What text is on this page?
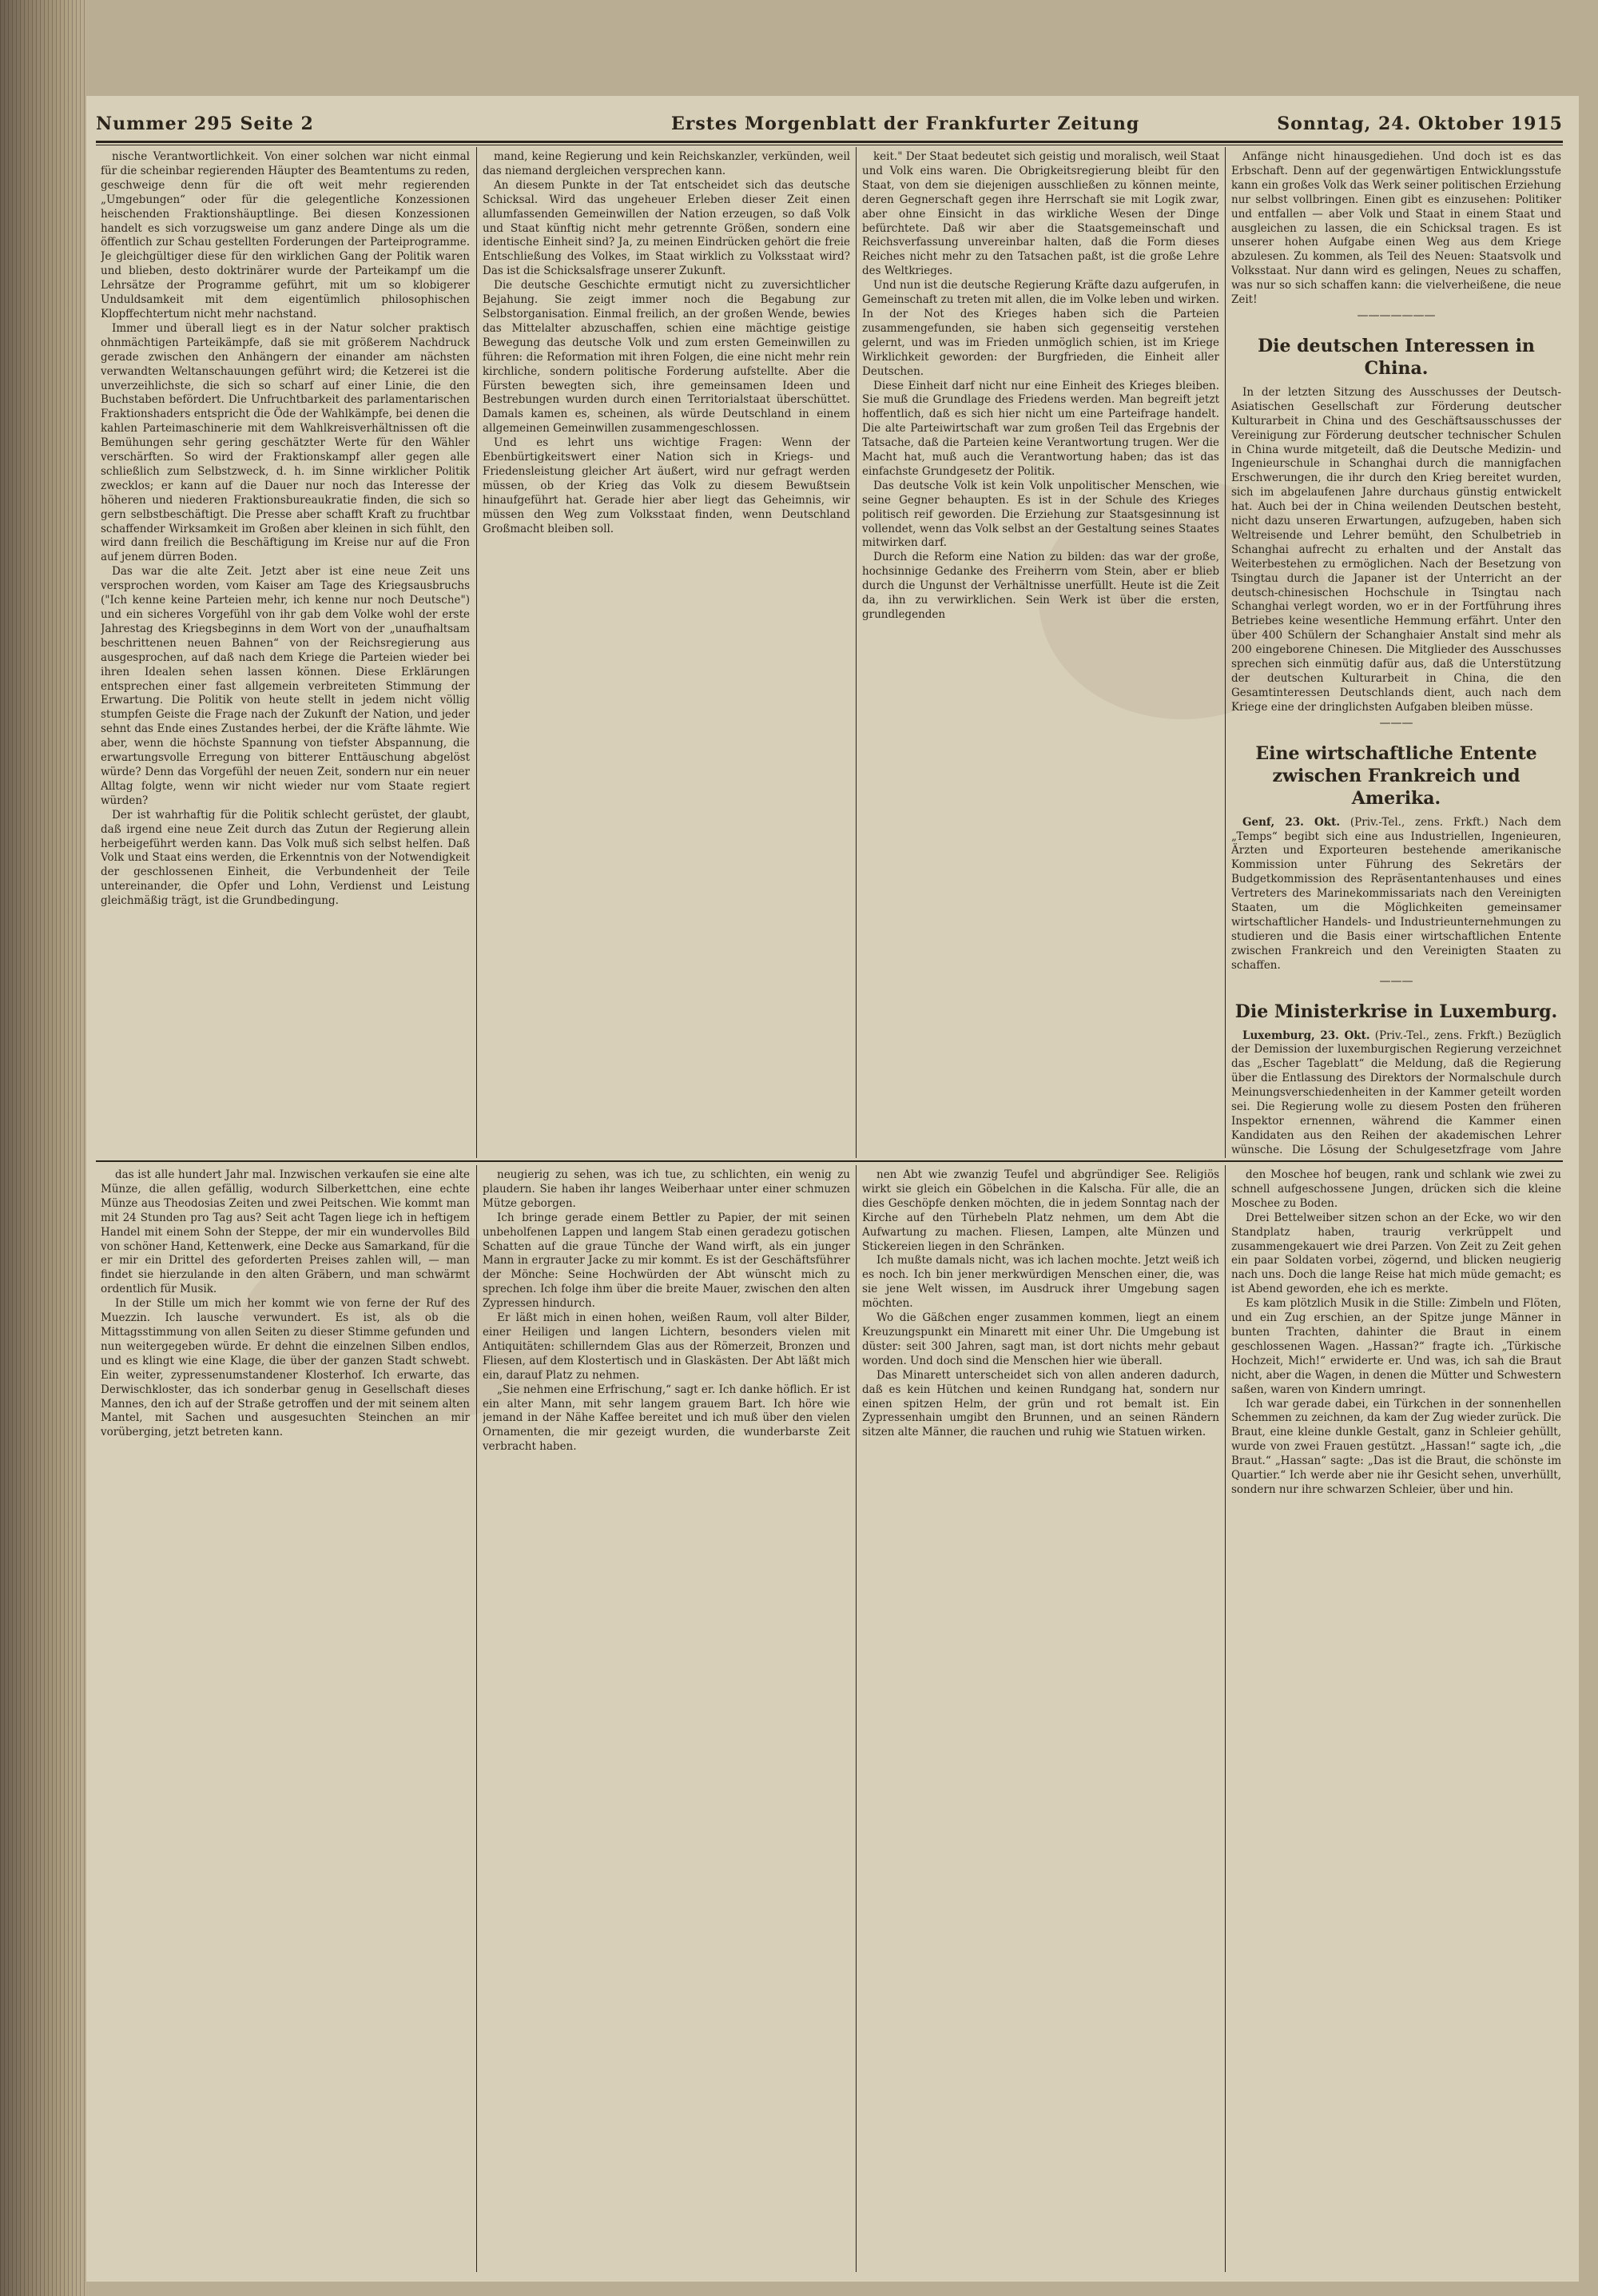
Nummer 295 Seite 2	Erstes Morgenblatt der Frankfurter Zeitung	Sonntag, 24. Oktober 1915

nische Verantwortlichkeit. Von einer solchen war nicht einmal für die scheinbar regierenden Häupter des Beamtentums zu reden, geschweige denn für die oft weit mehr regierenden „Umgebungen“ oder für die gelegentliche Konzessionen heischenden Fraktionshäuptlinge. Bei diesen Konzessionen handelt es sich vorzugsweise um ganz andere Dinge als um die öffentlich zur Schau gestellten Forderungen der Parteiprogramme. Je gleichgültiger diese für den wirklichen Gang der Politik waren und blieben, desto doktrinärer wurde der Parteikampf um die Lehrsätze der Programme geführt, mit um so klobigerer Unduldsamkeit mit dem eigentümlich philosophischen Klopffechtertum nicht mehr nachstand.

Immer und überall liegt es in der Natur solcher praktisch ohnmächtigen Parteikämpfe, daß sie mit größerem Nachdruck gerade zwischen den Anhängern der einander am nächsten verwandten Weltanschauungen geführt wird; die Ketzerei ist die unverzeihlichste, die sich so scharf auf einer Linie, die den Buchstaben befördert. Die Unfruchtbarkeit des parlamentarischen Fraktionshaders entspricht die Öde der Wahlkämpfe, bei denen die kahlen Parteimaschinerie mit dem Wahlkreisverhältnissen oft die Bemühungen sehr gering geschätzter Werte für den Wähler verschärften. So wird der Fraktionskampf aller gegen alle schließlich zum Selbstzweck, d. h. im Sinne wirklicher Politik zwecklos; er kann auf die Dauer nur noch das Interesse der höheren und niederen Fraktionsbureaukratie finden, die sich so gern selbstbeschäftigt. Die Presse aber schafft Kraft zu fruchtbar schaffender Wirksamkeit im Großen aber kleinen in sich fühlt, den wird dann freilich die Beschäftigung im Kreise nur auf die Fron auf jenem dürren Boden.

Das war die alte Zeit. Jetzt aber ist eine neue Zeit uns versprochen worden, vom Kaiser am Tage des Kriegsausbruchs ("Ich kenne keine Parteien mehr, ich kenne nur noch Deutsche") und ein sicheres Vorgefühl von ihr gab dem Volke wohl der erste Jahrestag des Kriegsbeginns in dem Wort von der „unaufhaltsam beschrittenen neuen Bahnen“ von der Reichsregierung aus ausgesprochen, auf daß nach dem Kriege die Parteien wieder bei ihren Idealen sehen lassen können. Diese Erklärungen entsprechen einer fast allgemein verbreiteten Stimmung der Erwartung. Die Politik von heute stellt in jedem nicht völlig stumpfen Geiste die Frage nach der Zukunft der Nation, und jeder sehnt das Ende eines Zustandes herbei, der die Kräfte lähmte. Wie aber, wenn die höchste Spannung von tiefster Abspannung, die erwartungsvolle Erregung von bitterer Enttäuschung abgelöst würde? Denn das Vorgefühl der neuen Zeit, sondern nur ein neuer Alltag folgte, wenn wir nicht wieder nur vom Staate regiert würden?

Der ist wahrhaftig für die Politik schlecht gerüstet, der glaubt, daß irgend eine neue Zeit durch das Zutun der Regierung allein herbeigeführt werden kann. Das Volk muß sich selbst helfen. Daß Volk und Staat eins werden, die Erkenntnis von der Notwendigkeit der geschlossenen Einheit, die Verbundenheit der Teile untereinander, die Opfer und Lohn, Verdienst und Leistung gleichmäßig trägt, ist die Grundbedingung.

mand, keine Regierung und kein Reichskanzler, verkünden, weil das niemand dergleichen versprechen kann.

An diesem Punkte in der Tat entscheidet sich das deutsche Schicksal. Wird das ungeheuer Erleben dieser Zeit einen allumfassenden Gemeinwillen der Nation erzeugen, so daß Volk und Staat künftig nicht mehr getrennte Größen, sondern eine identische Einheit sind? Ja, zu meinen Eindrücken gehört die freie Entschließung des Volkes, im Staat wirklich zu Volksstaat wird? Das ist die Schicksalsfrage unserer Zukunft.

Die deutsche Geschichte ermutigt nicht zu zuversichtlicher Bejahung. Sie zeigt immer noch die Begabung zur Selbstorganisation. Einmal freilich, an der großen Wende, bewies das Mittelalter abzuschaffen, schien eine mächtige geistige Bewegung das deutsche Volk und zum ersten Gemeinwillen zu führen: die Reformation mit ihren Folgen, die eine nicht mehr rein kirchliche, sondern politische Forderung aufstellte. Aber die Fürsten bewegten sich, ihre gemeinsamen Ideen und Bestrebungen wurden durch einen Territorialstaat überschüttet. Damals kamen es, scheinen, als würde Deutschland in einem allgemeinen Gemeinwillen zusammengeschlossen.

Und es lehrt uns wichtige Fragen: Wenn der Ebenbürtigkeitswert einer Nation sich in Kriegs- und Friedensleistung gleicher Art äußert, wird nur gefragt werden müssen, ob der Krieg das Volk zu diesem Bewußtsein hinaufgeführt hat. Gerade hier aber liegt das Geheimnis, wir müssen den Weg zum Volksstaat finden, wenn Deutschland Großmacht bleiben soll.

keit." Der Staat bedeutet sich geistig und moralisch, weil Staat und Volk eins waren. Die Obrigkeitsregierung bleibt für den Staat, von dem sie diejenigen ausschließen zu können meinte, deren Gegnerschaft gegen ihre Herrschaft sie mit Logik zwar, aber ohne Einsicht in das wirkliche Wesen der Dinge befürchtete. Daß wir aber die Staatsgemeinschaft und Reichsverfassung unvereinbar halten, daß die Form dieses Reiches nicht mehr zu den Tatsachen paßt, ist die große Lehre des Weltkrieges.

Und nun ist die deutsche Regierung Kräfte dazu aufgerufen, in Gemeinschaft zu treten mit allen, die im Volke leben und wirken. In der Not des Krieges haben sich die Parteien zusammengefunden, sie haben sich gegenseitig verstehen gelernt, und was im Frieden unmöglich schien, ist im Kriege Wirklichkeit geworden: der Burgfrieden, die Einheit aller Deutschen.

Diese Einheit darf nicht nur eine Einheit des Krieges bleiben. Sie muß die Grundlage des Friedens werden. Man begreift jetzt hoffentlich, daß es sich hier nicht um eine Parteifrage handelt. Die alte Parteiwirtschaft war zum großen Teil das Ergebnis der Tatsache, daß die Parteien keine Verantwortung trugen. Wer die Macht hat, muß auch die Verantwortung haben; das ist das einfachste Grundgesetz der Politik.

Das deutsche Volk ist kein Volk unpolitischer Menschen, wie seine Gegner behaupten. Es ist in der Schule des Krieges politisch reif geworden. Die Erziehung zur Staatsgesinnung ist vollendet, wenn das Volk selbst an der Gestaltung seines Staates mitwirken darf.

Durch die Reform eine Nation zu bilden: das war der große, hochsinnige Gedanke des Freiherrn vom Stein, aber er blieb durch die Ungunst der Verhältnisse unerfüllt. Heute ist die Zeit da, ihn zu verwirklichen. Sein Werk ist über die ersten, grundlegenden

Anfänge nicht hinausgediehen. Und doch ist es das Erbschaft. Denn auf der gegenwärtigen Entwicklungsstufe kann ein großes Volk das Werk seiner politischen Erziehung nur selbst vollbringen. Einen gibt es einzusehen: Politiker und entfallen — aber Volk und Staat in einem Staat und ausgleichen zu lassen, die ein Schicksal tragen. Es ist unserer hohen Aufgabe einen Weg aus dem Kriege abzulesen. Zu kommen, als Teil des Neuen: Staatsvolk und Volksstaat. Nur dann wird es gelingen, Neues zu schaffen, was nur so sich schaffen kann: die vielverheißene, die neue Zeit!

———————
Die deutschen Interessen in China.

In der letzten Sitzung des Ausschusses der Deutsch-Asiatischen Gesellschaft zur Förderung deutscher Kulturarbeit in China und des Geschäftsausschusses der Vereinigung zur Förderung deutscher technischer Schulen in China wurde mitgeteilt, daß die Deutsche Medizin- und Ingenieurschule in Schanghai durch die mannigfachen Erschwerungen, die ihr durch den Krieg bereitet wurden, sich im abgelaufenen Jahre durchaus günstig entwickelt hat. Auch bei der in China weilenden Deutschen besteht, nicht dazu unseren Erwartungen, aufzugeben, haben sich Weltreisende und Lehrer bemüht, den Schulbetrieb in Schanghai aufrecht zu erhalten und der Anstalt das Weiterbestehen zu ermöglichen. Nach der Besetzung von Tsingtau durch die Japaner ist der Unterricht an der deutsch-chinesischen Hochschule in Tsingtau nach Schanghai verlegt worden, wo er in der Fortführung ihres Betriebes keine wesentliche Hemmung erfährt. Unter den über 400 Schülern der Schanghaier Anstalt sind mehr als 200 eingeborene Chinesen. Die Mitglieder des Ausschusses sprechen sich einmütig dafür aus, daß die Unterstützung der deutschen Kulturarbeit in China, die den Gesamtinteressen Deutschlands dient, auch nach dem Kriege eine der dringlichsten Aufgaben bleiben müsse.

———
Eine wirtschaftliche Entente zwischen Frankreich und Amerika.

Genf, 23. Okt. (Priv.-Tel., zens. Frkft.) Nach dem „Temps“ begibt sich eine aus Industriellen, Ingenieuren, Ärzten und Exporteuren bestehende amerikanische Kommission unter Führung des Sekretärs der Budgetkommission des Repräsentantenhauses und eines Vertreters des Marinekommissariats nach den Vereinigten Staaten, um die Möglichkeiten gemeinsamer wirtschaftlicher Handels- und Industrieunternehmungen zu studieren und die Basis einer wirtschaftlichen Entente zwischen Frankreich und den Vereinigten Staaten zu schaffen.

———
Die Ministerkrise in Luxemburg.

Luxemburg, 23. Okt. (Priv.-Tel., zens. Frkft.) Bezüglich der Demission der luxemburgischen Regierung verzeichnet das „Escher Tageblatt“ die Meldung, daß die Regierung über die Entlassung des Direktors der Normalschule durch Meinungsverschiedenheiten in der Kammer geteilt worden sei. Die Regierung wolle zu diesem Posten den früheren Inspektor ernennen, während die Kammer einen Kandidaten aus den Reihen der akademischen Lehrer wünsche. Die Lösung der Schulgesetzfrage vom Jahre

das ist alle hundert Jahr mal. Inzwischen verkaufen sie eine alte Münze, die allen gefällig, wodurch Silberkettchen, eine echte Münze aus Theodosias Zeiten und zwei Peitschen. Wie kommt man mit 24 Stunden pro Tag aus? Seit acht Tagen liege ich in heftigem Handel mit einem Sohn der Steppe, der mir ein wundervolles Bild von schöner Hand, Kettenwerk, eine Decke aus Samarkand, für die er mir ein Drittel des geforderten Preises zahlen will, — man findet sie hierzulande in den alten Gräbern, und man schwärmt ordentlich für Musik.

In der Stille um mich her kommt wie von ferne der Ruf des Muezzin. Ich lausche verwundert. Es ist, als ob die Mittagsstimmung von allen Seiten zu dieser Stimme gefunden und nun weitergegeben würde. Er dehnt die einzelnen Silben endlos, und es klingt wie eine Klage, die über der ganzen Stadt schwebt. Ein weiter, zypressenumstandener Klosterhof. Ich erwarte, das Derwischkloster, das ich sonderbar genug in Gesellschaft dieses Mannes, den ich auf der Straße getroffen und der mit seinem alten Mantel, mit Sachen und ausgesuchten Steinchen an mir vorüberging, jetzt betreten kann.

neugierig zu sehen, was ich tue, zu schlichten, ein wenig zu plaudern. Sie haben ihr langes Weiberhaar unter einer schmuzen Mütze geborgen.

Ich bringe gerade einem Bettler zu Papier, der mit seinen unbeholfenen Lappen und langem Stab einen geradezu gotischen Schatten auf die graue Tünche der Wand wirft, als ein junger Mann in ergrauter Jacke zu mir kommt. Es ist der Geschäftsführer der Mönche: Seine Hochwürden der Abt wünscht mich zu sprechen. Ich folge ihm über die breite Mauer, zwischen den alten Zypressen hindurch.

Er läßt mich in einen hohen, weißen Raum, voll alter Bilder, einer Heiligen und langen Lichtern, besonders vielen mit Antiquitäten: schillerndem Glas aus der Römerzeit, Bronzen und Fliesen, auf dem Klostertisch und in Glaskästen. Der Abt läßt mich ein, darauf Platz zu nehmen.

„Sie nehmen eine Erfrischung,“ sagt er. Ich danke höflich. Er ist ein alter Mann, mit sehr langem grauem Bart. Ich höre wie jemand in der Nähe Kaffee bereitet und ich muß über den vielen Ornamenten, die mir gezeigt wurden, die wunderbarste Zeit verbracht haben.

nen Abt wie zwanzig Teufel und abgründiger See. Religiös wirkt sie gleich ein Göbelchen in die Kalscha. Für alle, die an dies Geschöpfe denken möchten, die in jedem Sonntag nach der Kirche auf den Türhebeln Platz nehmen, um dem Abt die Aufwartung zu machen. Fliesen, Lampen, alte Münzen und Stickereien liegen in den Schränken.

Ich mußte damals nicht, was ich lachen mochte. Jetzt weiß ich es noch. Ich bin jener merkwürdigen Menschen einer, die, was sie jene Welt wissen, im Ausdruck ihrer Umgebung sagen möchten.

Wo die Gäßchen enger zusammen kommen, liegt an einem Kreuzungspunkt ein Minarett mit einer Uhr. Die Umgebung ist düster: seit 300 Jahren, sagt man, ist dort nichts mehr gebaut worden. Und doch sind die Menschen hier wie überall.

Das Minarett unterscheidet sich von allen anderen dadurch, daß es kein Hütchen und keinen Rundgang hat, sondern nur einen spitzen Helm, der grün und rot bemalt ist. Ein Zypressenhain umgibt den Brunnen, und an seinen Rändern sitzen alte Männer, die rauchen und ruhig wie Statuen wirken.

den Moschee hof beugen, rank und schlank wie zwei zu schnell aufgeschossene Jungen, drücken sich die kleine Moschee zu Boden.

Drei Bettelweiber sitzen schon an der Ecke, wo wir den Standplatz haben, traurig verkrüppelt und zusammengekauert wie drei Parzen. Von Zeit zu Zeit gehen ein paar Soldaten vorbei, zögernd, und blicken neugierig nach uns. Doch die lange Reise hat mich müde gemacht; es ist Abend geworden, ehe ich es merkte.

Es kam plötzlich Musik in die Stille: Zimbeln und Flöten, und ein Zug erschien, an der Spitze junge Männer in bunten Trachten, dahinter die Braut in einem geschlossenen Wagen. „Hassan?“ fragte ich. „Türkische Hochzeit, Mich!“ erwiderte er. Und was, ich sah die Braut nicht, aber die Wagen, in denen die Mütter und Schwestern saßen, waren von Kindern umringt.

Ich war gerade dabei, ein Türkchen in der sonnenhellen Schemmen zu zeichnen, da kam der Zug wieder zurück. Die Braut, eine kleine dunkle Gestalt, ganz in Schleier gehüllt, wurde von zwei Frauen gestützt. „Hassan!“ sagte ich, „die Braut.“ „Hassan“ sagte: „Das ist die Braut, die schönste im Quartier.“ Ich werde aber nie ihr Gesicht sehen, unverhüllt, sondern nur ihre schwarzen Schleier, über und hin.
